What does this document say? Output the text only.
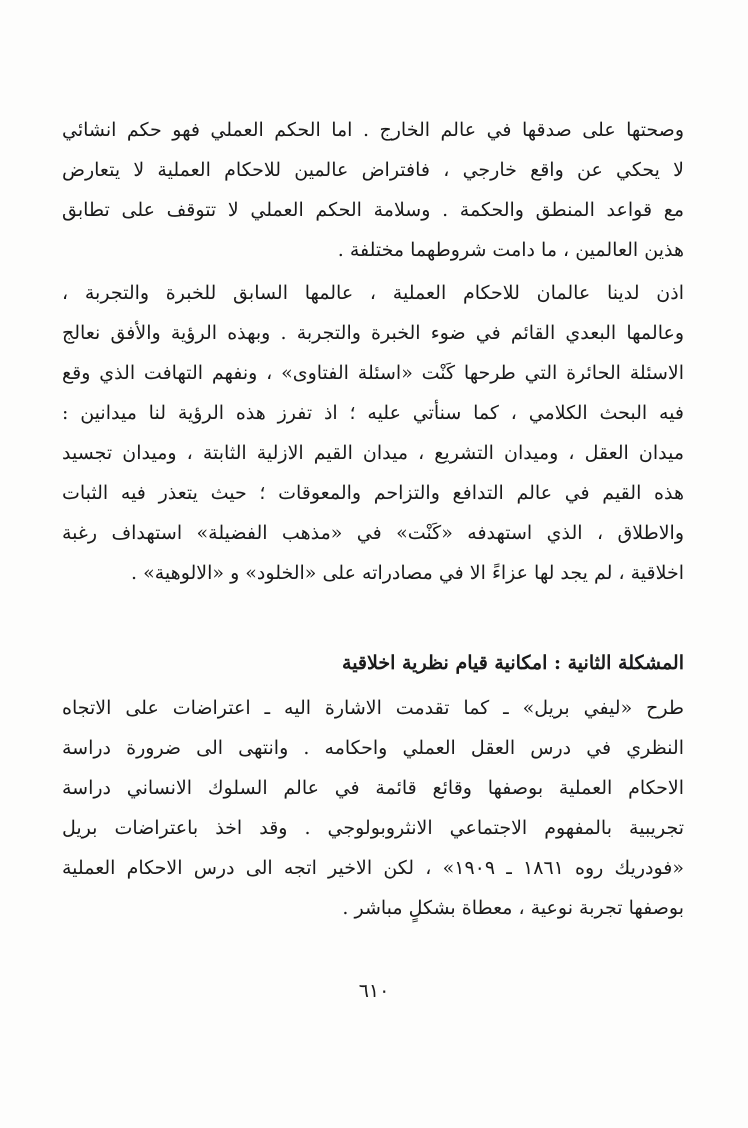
وصحتها على صدقها في عالم الخارج . اما الحكم العملي فهو حكم انشائي
لا يحكي عن واقع خارجي ، فافتراض عالمين للاحكام العملية لا يتعارض
مع قواعد المنطق والحكمة . وسلامة الحكم العملي لا تتوقف على تطابق
هذين العالمين ، ما دامت شروطهما مختلفة .
اذن لدينا عالمان للاحكام العملية ، عالمها السابق للخبرة والتجربة ،
وعالمها البعدي القائم في ضوء الخبرة والتجربة . وبهذه الرؤية والأفق نعالج
الاسئلة الحائرة التي طرحها كَنْت «اسئلة الفتاوى» ، ونفهم التهافت الذي وقع
فيه البحث الكلامي ، كما سنأتي عليه ؛ اذ تفرز هذه الرؤية لنا ميدانين :
ميدان العقل ، وميدان التشريع ، ميدان القيم الازلية الثابتة ، وميدان تجسيد
هذه القيم في عالم التدافع والتزاحم والمعوقات ؛ حيث يتعذر فيه الثبات
والاطلاق ، الذي استهدفه «كَنْت» في «مذهب الفضيلة» استهداف رغبة
اخلاقية ، لم يجد لها عزاءً الا في مصادراته على «الخلود» و «الالوهية» .
المشكلة الثانية : امكانية قيام نظرية اخلاقية
طرح «ليفي بريل» ـ كما تقدمت الاشارة اليه ـ اعتراضات على الاتجاه
النظري في درس العقل العملي واحكامه . وانتهى الى ضرورة دراسة
الاحكام العملية بوصفها وقائع قائمة في عالم السلوك الانساني دراسة
تجريبية بالمفهوم الاجتماعي الانثروبولوجي . وقد اخذ باعتراضات بريل
«فودريك روه ١٨٦١ ـ ١٩٠٩» ، لكن الاخير اتجه الى درس الاحكام العملية
بوصفها تجربة نوعية ، معطاة بشكلٍ مباشر .
٦١٠
